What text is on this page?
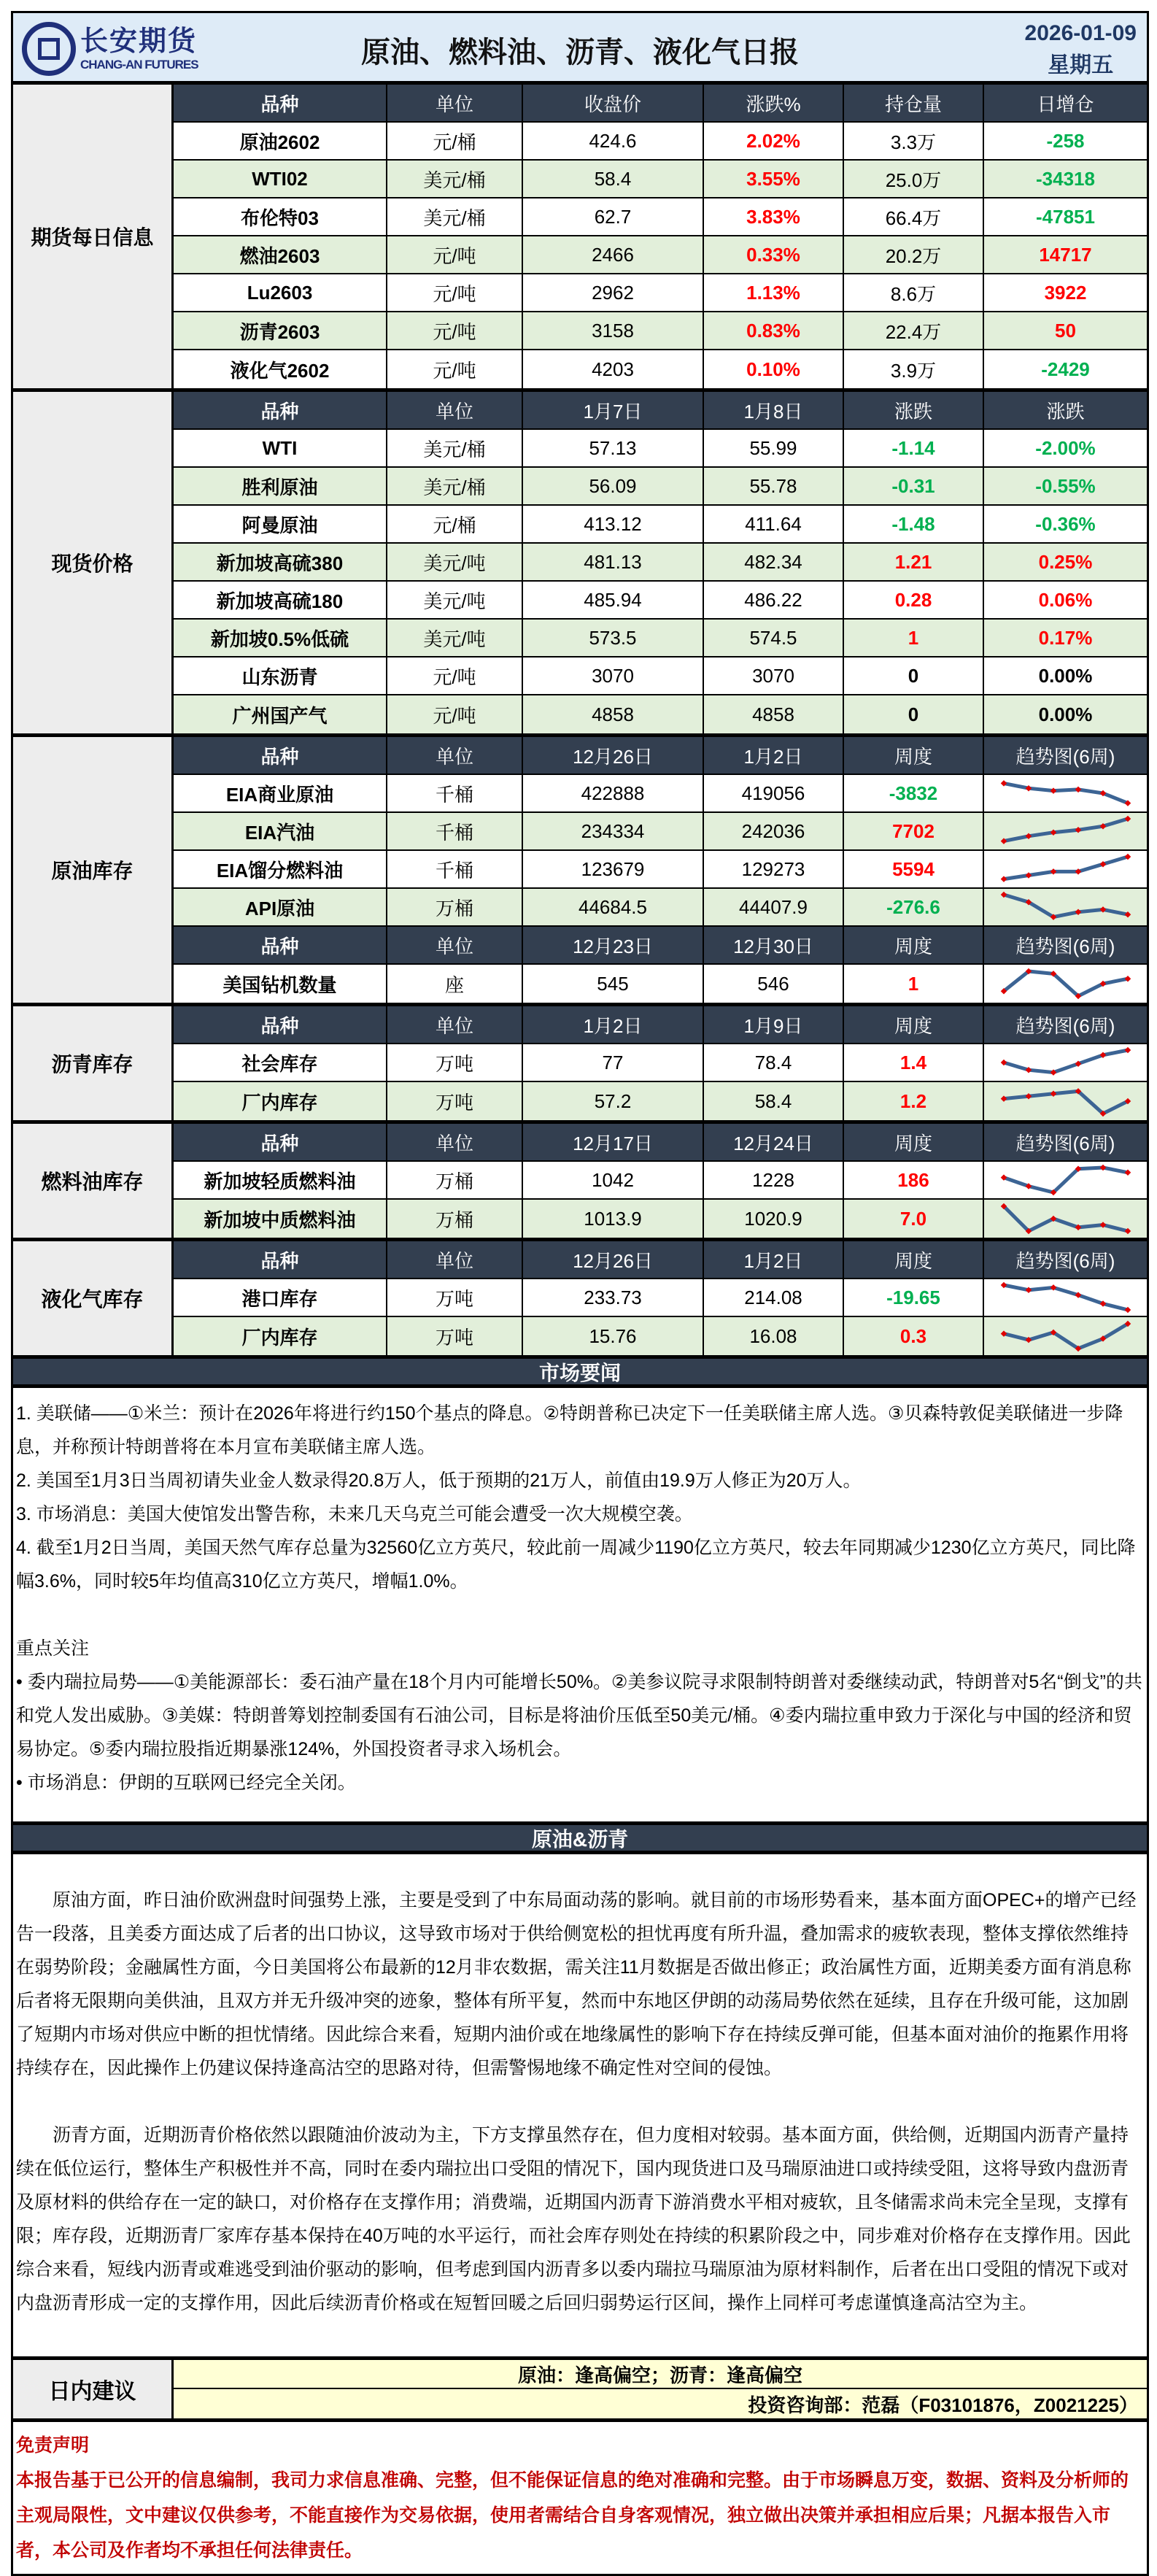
长安期货
CHANG-AN FUTURES	原油、燃料油、沥青、液化气日报
2026-01-09
星期五
期货每日信息
品种	单位	收盘价	涨跌%	持仓量	日增仓
原油2602	元/桶	424.6	2.02%	3.3万	-258
WTI02	美元/桶	58.4	3.55%	25.0万	-34318
布伦特03	美元/桶	62.7	3.83%	66.4万	-47851
燃油2603	元/吨	2466	0.33%	20.2万	14717
Lu2603	元/吨	2962	1.13%	8.6万	3922
沥青2603	元/吨	3158	0.83%	22.4万	50
液化气2602	元/吨	4203	0.10%	3.9万	-2429
现货价格
品种	单位	1月7日	1月8日	涨跌	涨跌
WTI	美元/桶	57.13	55.99	-1.14	-2.00%
胜利原油	美元/桶	56.09	55.78	-0.31	-0.55%
阿曼原油	元/桶	413.12	411.64	-1.48	-0.36%
新加坡高硫380	美元/吨	481.13	482.34	1.21	0.25%
新加坡高硫180	美元/吨	485.94	486.22	0.28	0.06%
新加坡0.5%低硫	美元/吨	573.5	574.5	1	0.17%
山东沥青	元/吨	3070	3070	0	0.00%
广州国产气	元/吨	4858	4858	0	0.00%
原油库存
品种	单位	12月26日	1月2日	周度	趋势图(6周)
EIA商业原油	千桶	422888	419056	-3832
EIA汽油	千桶	234334	242036	7702
EIA馏分燃料油	千桶	123679	129273	5594
API原油	万桶	44684.5	44407.9	-276.6
品种	单位	12月23日	12月30日	周度	趋势图(6周)
美国钻机数量	座	545	546	1
沥青库存
品种	单位	1月2日	1月9日	周度	趋势图(6周)
社会库存	万吨	77	78.4	1.4
厂内库存	万吨	57.2	58.4	1.2
燃料油库存
品种	单位	12月17日	12月24日	周度	趋势图(6周)
新加坡轻质燃料油	万桶	1042	1228	186
新加坡中质燃料油	万桶	1013.9	1020.9	7.0
液化气库存
品种	单位	12月26日	1月2日	周度	趋势图(6周)
港口库存	万吨	233.73	214.08	-19.65
厂内库存	万吨	15.76	16.08	0.3
市场要闻

1. 美联储——①米兰：预计在2026年将进行约150个基点的降息。②特朗普称已决定下一任美联储主席人选。③贝森特敦促美联储进一步降息，并称预计特朗普将在本月宣布美联储主席人选。

2. 美国至1月3日当周初请失业金人数录得20.8万人，低于预期的21万人，前值由19.9万人修正为20万人。

3. 市场消息：美国大使馆发出警告称，未来几天乌克兰可能会遭受一次大规模空袭。

4. 截至1月2日当周，美国天然气库存总量为32560亿立方英尺，较此前一周减少1190亿立方英尺，较去年同期减少1230亿立方英尺，同比降幅3.6%，同时较5年均值高310亿立方英尺，增幅1.0%。

重点关注

• 委内瑞拉局势——①美能源部长：委石油产量在18个月内可能增长50%。②美参议院寻求限制特朗普对委继续动武，特朗普对5名“倒戈”的共和党人发出威胁。③美媒：特朗普筹划控制委国有石油公司，目标是将油价压低至50美元/桶。④委内瑞拉重申致力于深化与中国的经济和贸易协定。⑤委内瑞拉股指近期暴涨124%，外国投资者寻求入场机会。

• 市场消息：伊朗的互联网已经完全关闭。

原油&沥青

原油方面，昨日油价欧洲盘时间强势上涨，主要是受到了中东局面动荡的影响。就目前的市场形势看来，基本面方面OPEC+的增产已经告一段落，且美委方面达成了后者的出口协议，这导致市场对于供给侧宽松的担忧再度有所升温，叠加需求的疲软表现，整体支撑依然维持在弱势阶段；金融属性方面，今日美国将公布最新的12月非农数据，需关注11月数据是否做出修正；政治属性方面，近期美委方面有消息称后者将无限期向美供油，且双方并无升级冲突的迹象，整体有所平复，然而中东地区伊朗的动荡局势依然在延续，且存在升级可能，这加剧了短期内市场对供应中断的担忧情绪。因此综合来看，短期内油价或在地缘属性的影响下存在持续反弹可能，但基本面对油价的拖累作用将持续存在，因此操作上仍建议保持逢高沽空的思路对待，但需警惕地缘不确定性对空间的侵蚀。

沥青方面，近期沥青价格依然以跟随油价波动为主，下方支撑虽然存在，但力度相对较弱。基本面方面，供给侧，近期国内沥青产量持续在低位运行，整体生产积极性并不高，同时在委内瑞拉出口受阻的情况下，国内现货进口及马瑞原油进口或持续受阻，这将导致内盘沥青及原材料的供给存在一定的缺口，对价格存在支撑作用；消费端，近期国内沥青下游消费水平相对疲软，且冬储需求尚未完全呈现，支撑有限；库存段，近期沥青厂家库存基本保持在40万吨的水平运行，而社会库存则处在持续的积累阶段之中，同步难对价格存在支撑作用。因此综合来看，短线内沥青或难逃受到油价驱动的影响，但考虑到国内沥青多以委内瑞拉马瑞原油为原材料制作，后者在出口受阻的情况下或对内盘沥青形成一定的支撑作用，因此后续沥青价格或在短暂回暖之后回归弱势运行区间，操作上同样可考虑谨慎逢高沽空为主。

日内建议
原油：逢高偏空；沥青：逢高偏空
投资咨询部：范磊（F03101876，Z0021225）
免责声明
本报告基于已公开的信息编制，我司力求信息准确、完整，但不能保证信息的绝对准确和完整。由于市场瞬息万变，数据、资料及分析师的主观局限性，文中建议仅供参考，不能直接作为交易依据，使用者需结合自身客观情况，独立做出决策并承担相应后果；凡据本报告入市者，本公司及作者均不承担任何法律责任。
